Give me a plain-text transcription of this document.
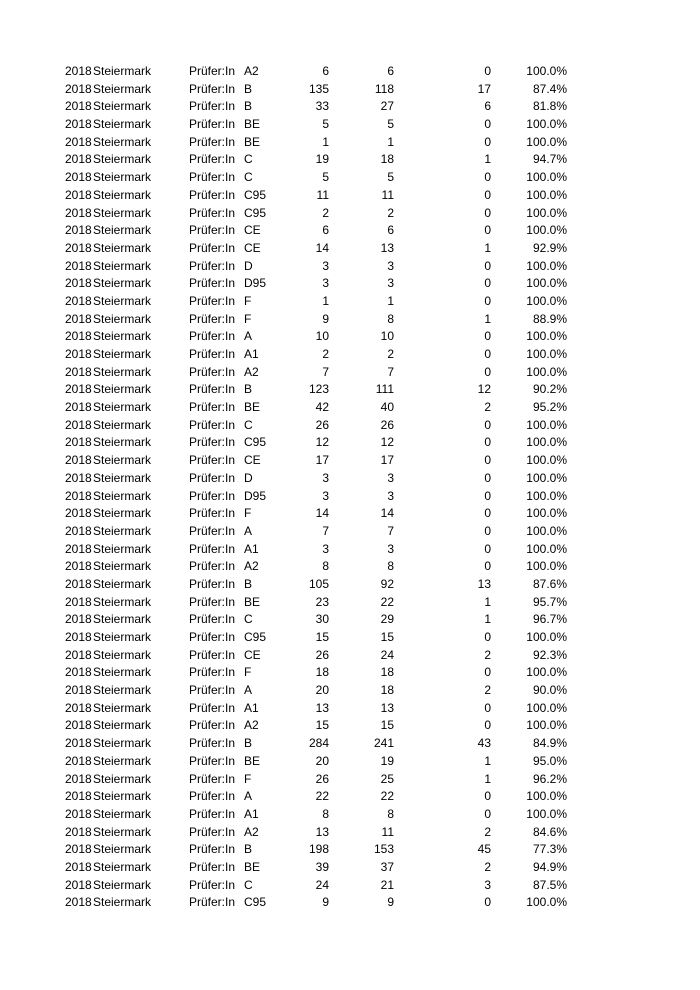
2018 Steiermark	Prüfer:In A2	6	6	0	100.0%
2018 Steiermark	Prüfer:In B	135	118	17	87.4%
2018 Steiermark	Prüfer:In B	33	27	6	81.8%
2018 Steiermark	Prüfer:In BE	5	5	0	100.0%
2018 Steiermark	Prüfer:In BE	1	1	0	100.0%
2018 Steiermark	Prüfer:In C	19	18	1	94.7%
2018 Steiermark	Prüfer:In C	5	5	0	100.0%
2018 Steiermark	Prüfer:In C95	11	11	0	100.0%
2018 Steiermark	Prüfer:In C95	2	2	0	100.0%
2018 Steiermark	Prüfer:In CE	6	6	0	100.0%
2018 Steiermark	Prüfer:In CE	14	13	1	92.9%
2018 Steiermark	Prüfer:In D	3	3	0	100.0%
2018 Steiermark	Prüfer:In D95	3	3	0	100.0%
2018 Steiermark	Prüfer:In F	1	1	0	100.0%
2018 Steiermark	Prüfer:In F	9	8	1	88.9%
2018 Steiermark	Prüfer:In A	10	10	0	100.0%
2018 Steiermark	Prüfer:In A1	2	2	0	100.0%
2018 Steiermark	Prüfer:In A2	7	7	0	100.0%
2018 Steiermark	Prüfer:In B	123	111	12	90.2%
2018 Steiermark	Prüfer:In BE	42	40	2	95.2%
2018 Steiermark	Prüfer:In C	26	26	0	100.0%
2018 Steiermark	Prüfer:In C95	12	12	0	100.0%
2018 Steiermark	Prüfer:In CE	17	17	0	100.0%
2018 Steiermark	Prüfer:In D	3	3	0	100.0%
2018 Steiermark	Prüfer:In D95	3	3	0	100.0%
2018 Steiermark	Prüfer:In F	14	14	0	100.0%
2018 Steiermark	Prüfer:In A	7	7	0	100.0%
2018 Steiermark	Prüfer:In A1	3	3	0	100.0%
2018 Steiermark	Prüfer:In A2	8	8	0	100.0%
2018 Steiermark	Prüfer:In B	105	92	13	87.6%
2018 Steiermark	Prüfer:In BE	23	22	1	95.7%
2018 Steiermark	Prüfer:In C	30	29	1	96.7%
2018 Steiermark	Prüfer:In C95	15	15	0	100.0%
2018 Steiermark	Prüfer:In CE	26	24	2	92.3%
2018 Steiermark	Prüfer:In F	18	18	0	100.0%
2018 Steiermark	Prüfer:In A	20	18	2	90.0%
2018 Steiermark	Prüfer:In A1	13	13	0	100.0%
2018 Steiermark	Prüfer:In A2	15	15	0	100.0%
2018 Steiermark	Prüfer:In B	284	241	43	84.9%
2018 Steiermark	Prüfer:In BE	20	19	1	95.0%
2018 Steiermark	Prüfer:In F	26	25	1	96.2%
2018 Steiermark	Prüfer:In A	22	22	0	100.0%
2018 Steiermark	Prüfer:In A1	8	8	0	100.0%
2018 Steiermark	Prüfer:In A2	13	11	2	84.6%
2018 Steiermark	Prüfer:In B	198	153	45	77.3%
2018 Steiermark	Prüfer:In BE	39	37	2	94.9%
2018 Steiermark	Prüfer:In C	24	21	3	87.5%
2018 Steiermark	Prüfer:In C95	9	9	0	100.0%
